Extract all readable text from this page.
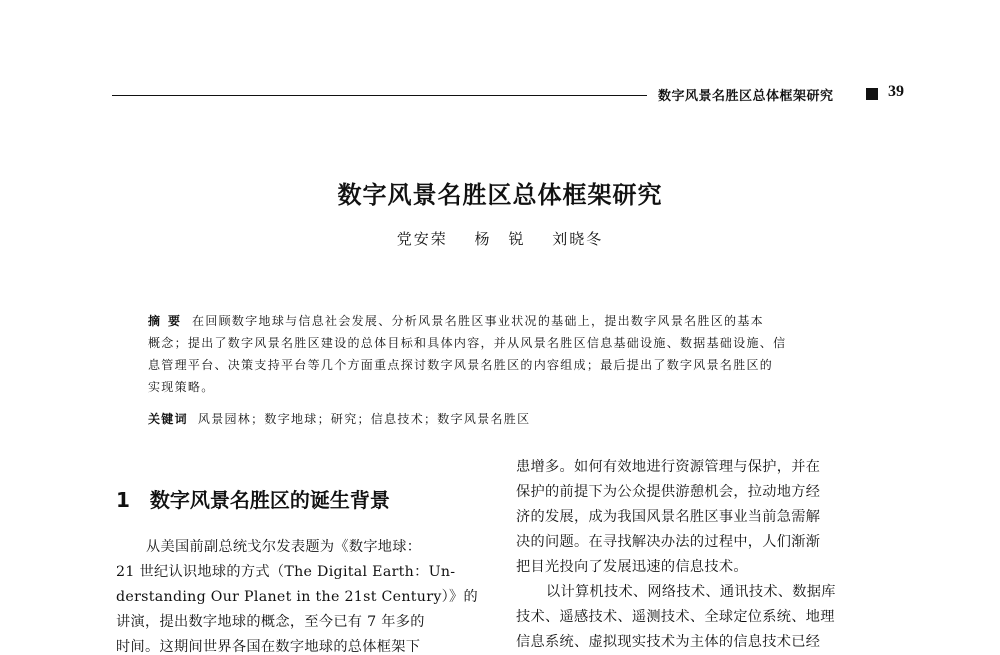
数字风景名胜区总体框架研究	39
数字风景名胜区总体框架研究
党安荣 杨　锐 刘晓冬
摘要 在回顾数字地球与信息社会发展、分析风景名胜区事业状况的基础上，提出数字风景名胜区的基本
概念；提出了数字风景名胜区建设的总体目标和具体内容，并从风景名胜区信息基础设施、数据基础设施、信
息管理平台、决策支持平台等几个方面重点探讨数字风景名胜区的内容组成；最后提出了数字风景名胜区的
实现策略。
关键词 风景园林；数字地球；研究；信息技术；数字风景名胜区
1 数字风景名胜区的诞生背景
从美国前副总统戈尔发表题为《数字地球：
21 世纪认识地球的方式（The Digital Earth：Un-
derstanding Our Planet in the 21st Century）》的
讲演，提出数字地球的概念，至今已有 7 年多的
时间。这期间世界各国在数字地球的总体框架下
患增多。如何有效地进行资源管理与保护，并在
保护的前提下为公众提供游憩机会，拉动地方经
济的发展，成为我国风景名胜区事业当前急需解
决的问题。在寻找解决办法的过程中，人们渐渐
把目光投向了发展迅速的信息技术。
以计算机技术、网络技术、通讯技术、数据库
技术、遥感技术、遥测技术、全球定位系统、地理
信息系统、虚拟现实技术为主体的信息技术已经
